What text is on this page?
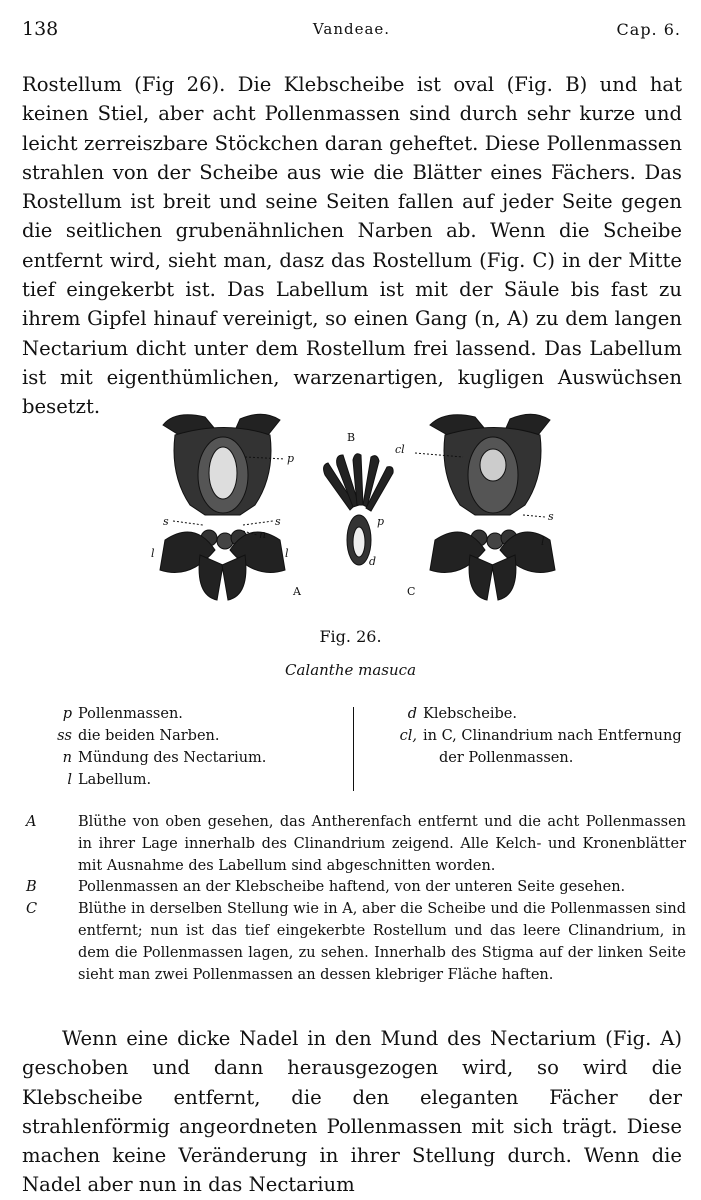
138	Vandeae.	Cap. 6.

Rostellum (Fig 26). Die Klebscheibe ist oval (Fig. B) und hat keinen Stiel, aber acht Pollenmassen sind durch sehr kurze und leicht zerreiszbare Stöckchen daran geheftet. Diese Pollenmassen strahlen von der Scheibe aus wie die Blätter eines Fächers. Das Rostellum ist breit und seine Seiten fallen auf jeder Seite gegen die seitlichen grubenähnlichen Narben ab. Wenn die Scheibe entfernt wird, sieht man, dasz das Rostellum (Fig. C) in der Mitte tief eingekerbt ist. Das Labellum ist mit der Säule bis fast zu ihrem Gipfel hinauf vereinigt, so einen Gang (n, A) zu dem langen Nectarium dicht unter dem Rostellum frei lassend. Das Labellum ist mit eigenthümlichen, warzenartigen, kugligen Auswüchsen besetzt.

p
s	s
n
l	l
p
d
cl
s
l
A
B
C
Fig. 26.
Calanthe masuca
p Pollenmassen.
ss die beiden Narben.
n Mündung des Nectarium.
l Labellum.
d Klebscheibe.
cl, in C, Clinandrium nach Entfernung
der Pollenmassen.
A	Blüthe von oben gesehen, das Antherenfach entfernt und die acht Pollenmassen in ihrer Lage innerhalb des Clinandrium zeigend. Alle Kelch- und Kronenblätter mit Ausnahme des Labellum sind abgeschnitten worden.
B	Pollenmassen an der Klebscheibe haftend, von der unteren Seite gesehen.
C	Blüthe in derselben Stellung wie in A, aber die Scheibe und die Pollenmassen sind entfernt; nun ist das tief eingekerbte Rostellum und das leere Clinandrium, in dem die Pollenmassen lagen, zu sehen. Innerhalb des Stigma auf der linken Seite sieht man zwei Pollenmassen an dessen klebriger Fläche haften.

Wenn eine dicke Nadel in den Mund des Nectarium (Fig. A) geschoben und dann herausgezogen wird, so wird die Klebscheibe entfernt, die den eleganten Fächer der strahlenförmig angeordneten Pollenmassen mit sich trägt. Diese machen keine Veränderung in ihrer Stellung durch. Wenn die Nadel aber nun in das Nectarium
